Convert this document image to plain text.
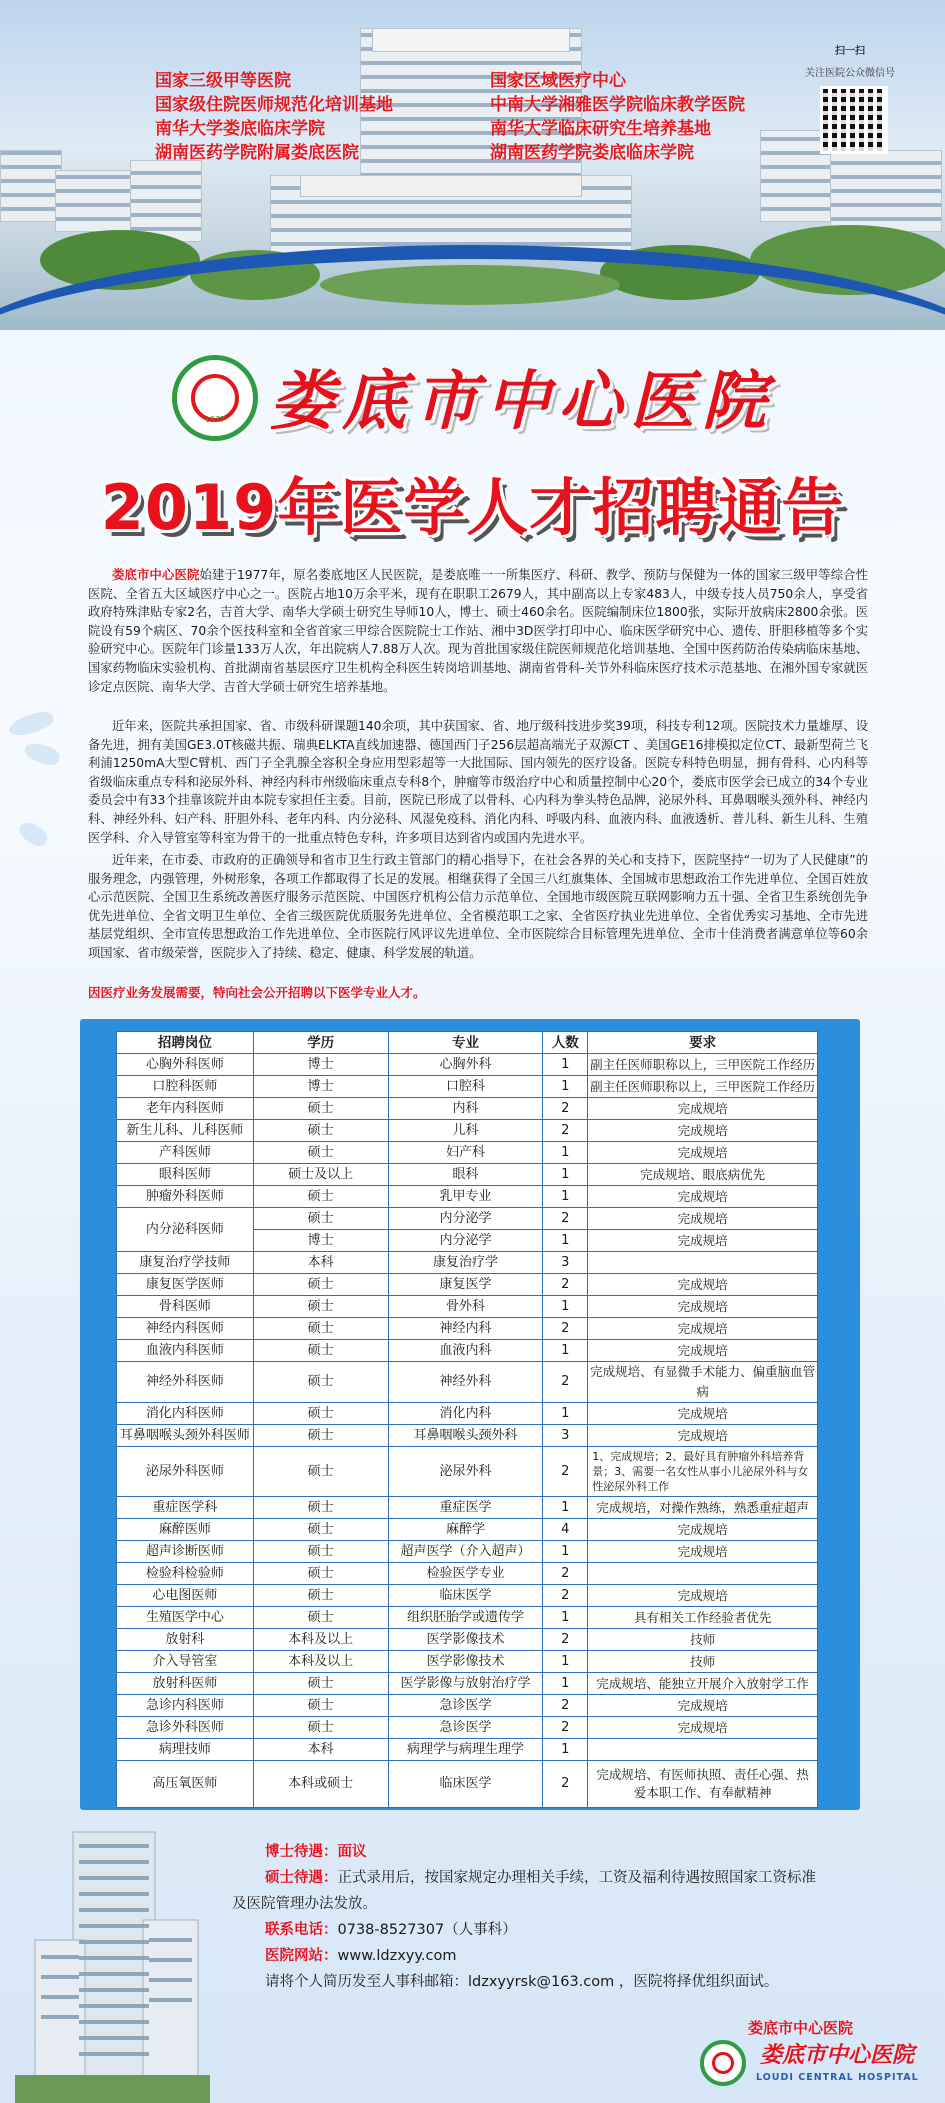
国家三级甲等医院
国家级住院医师规范化培训基地
南华大学娄底临床学院
湖南医药学院附属娄底医院
国家区域医疗中心
中南大学湘雅医学院临床教学医院
南华大学临床研究生培养基地
湖南医药学院娄底临床学院
扫一扫
关注医院公众微信号
1977 娄底市中心医院
2019年医学人才招聘通告
娄底市中心医院始建于1977年，原名娄底地区人民医院，是娄底唯一一所集医疗、科研、教学、预防与保健为一体的国家三级甲等综合性医院、全省五大区域医疗中心之一。医院占地10万余平米，现有在职职工2679人，其中副高以上专家483人，中级专技人员750余人，享受省政府特殊津贴专家2名，吉首大学、南华大学硕士研究生导师10人，博士、硕士460余名。医院编制床位1800张，实际开放病床2800余张。医院设有59个病区、70余个医技科室和全省首家三甲综合医院院士工作站、湘中3D医学打印中心、临床医学研究中心、遗传、肝胆移植等多个实验研究中心。医院年门诊量133万人次，年出院病人7.88万人次。现为首批国家级住院医师规范化培训基地、全国中医药防治传染病临床基地、国家药物临床实验机构、首批湖南省基层医疗卫生机构全科医生转岗培训基地、湖南省骨科-关节外科临床医疗技术示范基地、在湘外国专家就医诊定点医院、南华大学、吉首大学硕士研究生培养基地。
近年来，医院共承担国家、省、市级科研课题140余项，其中获国家、省、地厅级科技进步奖39项，科技专利12项。医院技术力量雄厚、设备先进，拥有美国GE3.0T核磁共振、瑞典ELKTA直线加速器、德国西门子256层超高端光子双源CT 、美国GE16排模拟定位CT、最新型荷兰飞利浦1250mA大型C臂机、西门子全乳腺全容积全身应用型彩超等一大批国际、国内领先的医疗设备。医院专科特色明显，拥有骨科、心内科等省级临床重点专科和泌尿外科、神经内科市州级临床重点专科8个，肿瘤等市级治疗中心和质量控制中心20个，娄底市医学会已成立的34个专业委员会中有33个挂靠该院并由本院专家担任主委。目前，医院已形成了以骨科、心内科为拳头特色品牌，泌尿外科、耳鼻咽喉头颈外科、神经内科、神经外科、妇产科、肝胆外科、老年内科、内分泌科、风湿免疫科、消化内科、呼吸内科、血液内科、血液透析、普儿科、新生儿科、生殖医学科、介入导管室等科室为骨干的一批重点特色专科，许多项目达到省内或国内先进水平。
近年来，在市委、市政府的正确领导和省市卫生行政主管部门的精心指导下，在社会各界的关心和支持下，医院坚持“一切为了人民健康”的服务理念，内强管理，外树形象，各项工作都取得了长足的发展。相继获得了全国三八红旗集体、全国城市思想政治工作先进单位、全国百姓放心示范医院、全国卫生系统改善医疗服务示范医院、中国医疗机构公信力示范单位、全国地市级医院互联网影响力五十强、全省卫生系统创先争优先进单位、全省文明卫生单位、全省三级医院优质服务先进单位、全省模范职工之家、全省医疗执业先进单位、全省优秀实习基地、全市先进基层党组织、全市宣传思想政治工作先进单位、全市医院行风评议先进单位、全市医院综合目标管理先进单位、全市十佳消费者满意单位等60余项国家、省市级荣誉，医院步入了持续、稳定、健康、科学发展的轨道。
因医疗业务发展需要，特向社会公开招聘以下医学专业人才。
招聘岗位	学历	专业	人数	要求
心胸外科医师	博士	心胸外科	1	副主任医师职称以上，三甲医院工作经历
口腔科医师	博士	口腔科	1	副主任医师职称以上，三甲医院工作经历
老年内科医师	硕士	内科	2	完成规培
新生儿科、儿科医师	硕士	儿科	2	完成规培
产科医师	硕士	妇产科	1	完成规培
眼科医师	硕士及以上	眼科	1	完成规培、眼底病优先
肿瘤外科医师	硕士	乳甲专业	1	完成规培
内分泌科医师	硕士	内分泌学	2	完成规培
	博士	内分泌学	1	完成规培
康复治疗学技师	本科	康复治疗学	3	
康复医学医师	硕士	康复医学	2	完成规培
骨科医师	硕士	骨外科	1	完成规培
神经内科医师	硕士	神经内科	2	完成规培
血液内科医师	硕士	血液内科	1	完成规培
神经外科医师	硕士	神经外科	2	完成规培、有显微手术能力、偏重脑血管病
消化内科医师	硕士	消化内科	1	完成规培
耳鼻咽喉头颈外科医师	硕士	耳鼻咽喉头颈外科	3	完成规培
泌尿外科医师	硕士	泌尿外科	2	1、完成规培；2、最好具有肿瘤外科培养背景；3、需要一名女性从事小儿泌尿外科与女性泌尿外科工作
重症医学科	硕士	重症医学	1	完成规培，对操作熟练，熟悉重症超声
麻醉医师	硕士	麻醉学	4	完成规培
超声诊断医师	硕士	超声医学（介入超声）	1	完成规培
检验科检验师	硕士	检验医学专业	2	
心电图医师	硕士	临床医学	2	完成规培
生殖医学中心	硕士	组织胚胎学或遗传学	1	具有相关工作经验者优先
放射科	本科及以上	医学影像技术	2	技师
介入导管室	本科及以上	医学影像技术	1	技师
放射科医师	硕士	医学影像与放射治疗学	1	完成规培、能独立开展介入放射学工作
急诊内科医师	硕士	急诊医学	2	完成规培
急诊外科医师	硕士	急诊医学	2	完成规培
病理技师	本科	病理学与病理生理学	1	
高压氧医师	本科或硕士	临床医学	2	完成规培、有医师执照、责任心强、热爱本职工作、有奉献精神
博士待遇：面议
硕士待遇：正式录用后，按国家规定办理相关手续，工资及福利待遇按照国家工资标准
及医院管理办法发放。
联系电话：0738-8527307（人事科）
医院网站：www.ldzxyy.com
请将个人简历发至人事科邮箱：ldzxyyrsk@163.com ，医院将择优组织面试。
娄底市中心医院
娄底市中心医院
LOUDI CENTRAL HOSPITAL
